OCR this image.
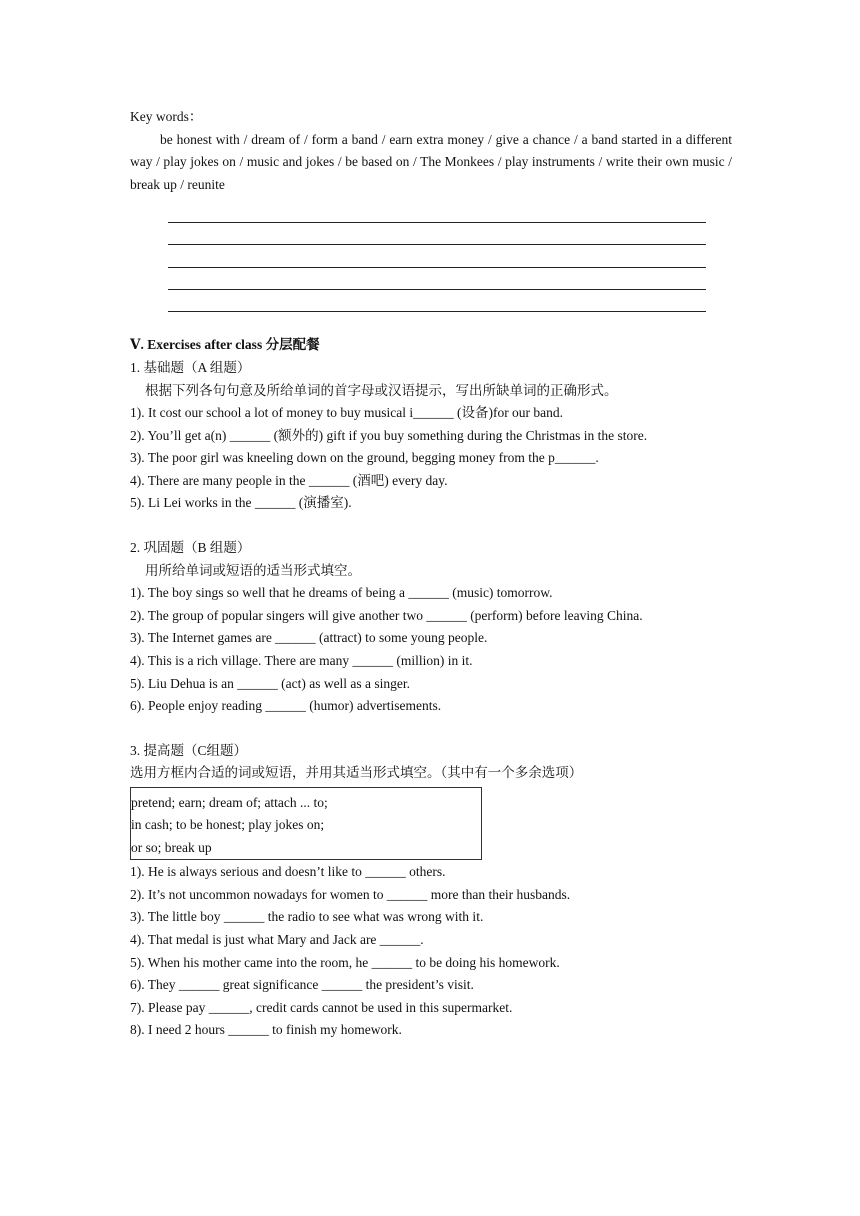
Key words：

be honest with / dream of / form a band / earn extra money / give a chance / a band started in a different way / play jokes on / music and jokes / be based on / The Monkees / play instruments / write their own music / break up / reunite

Ⅴ. Exercises after class 分层配餐

1. 基础题（A 组题）

根据下列各句句意及所给单词的首字母或汉语提示，写出所缺单词的正确形式。

1). It cost our school a lot of money to buy musical i______ (设备)for our band.

2). You’ll get a(n) ______ (额外的) gift if you buy something during the Christmas in the store.

3). The poor girl was kneeling down on the ground, begging money from the p______.

4). There are many people in the ______ (酒吧) every day.

5). Li Lei works in the ______ (演播室).

2. 巩固题（B 组题）

用所给单词或短语的适当形式填空。

1). The boy sings so well that he dreams of being a ______ (music) tomorrow.

2). The group of popular singers will give another two ______ (perform) before leaving China.

3). The Internet games are ______ (attract) to some young people.

4). This is a rich village. There are many ______ (million) in it.

5). Liu Dehua is an ______ (act) as well as a singer.

6). People enjoy reading ______ (humor) advertisements.

3. 提高题（C组题）

选用方框内合适的词或短语，并用其适当形式填空。（其中有一个多余选项）

pretend; earn; dream of; attach ... to;

in cash; to be honest; play jokes on;

or so; break up

1). He is always serious and doesn’t like to ______ others.

2). It’s not uncommon nowadays for women to ______ more than their husbands.

3). The little boy ______ the radio to see what was wrong with it.

4). That medal is just what Mary and Jack are ______.

5). When his mother came into the room, he ______ to be doing his homework.

6). They ______ great significance ______ the president’s visit.

7). Please pay ______, credit cards cannot be used in this supermarket.

8). I need 2 hours ______ to finish my homework.
